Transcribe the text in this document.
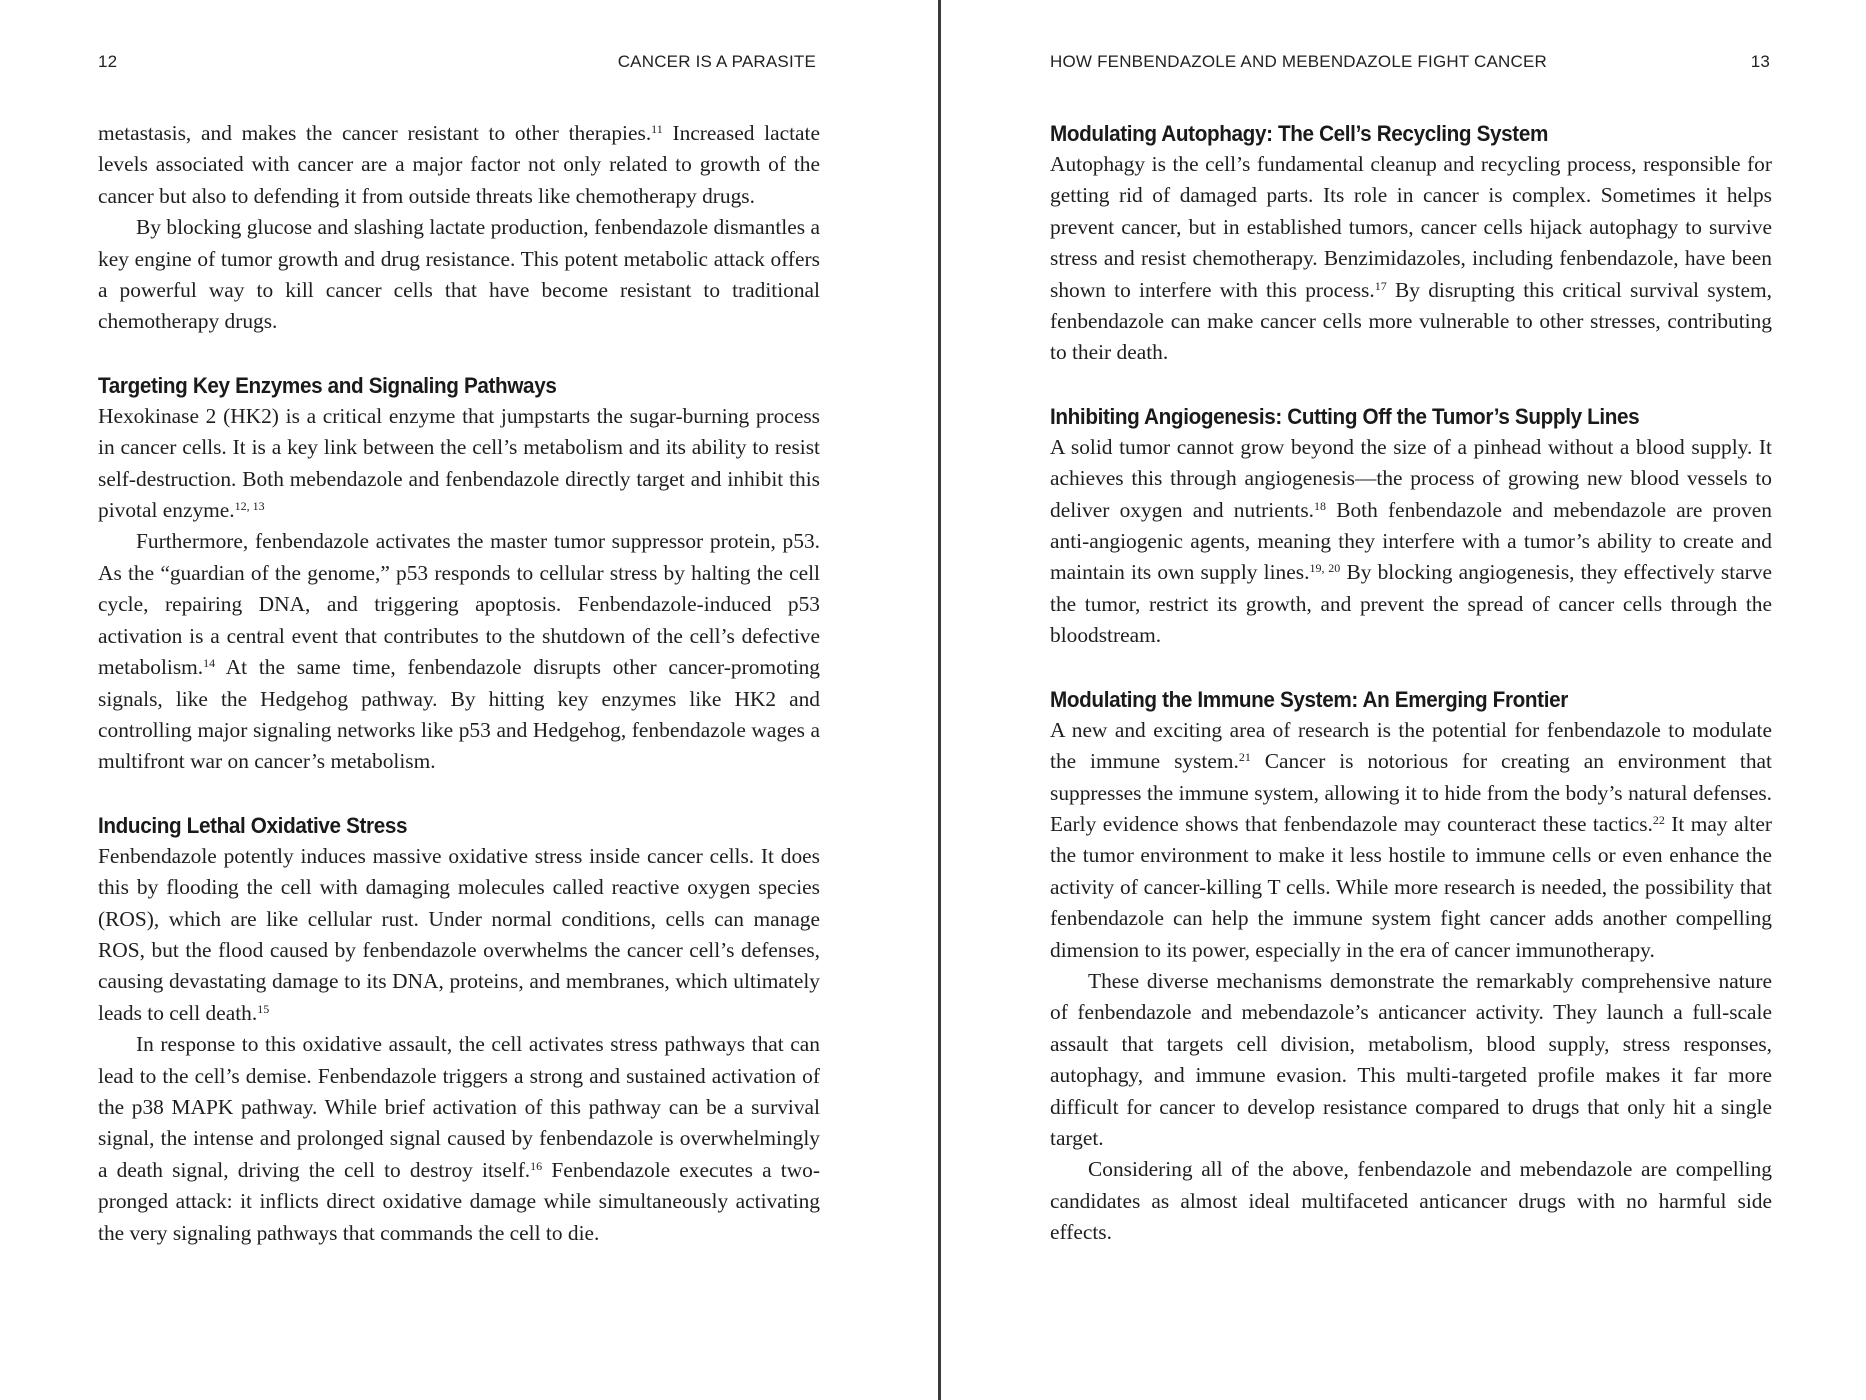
12	CANCER IS A PARASITE

metastasis, and makes the cancer resistant to other therapies.$^{11}$ Increased lactate levels associated with cancer are a major factor not only related to growth of the cancer but also to defending it from outside threats like chemotherapy drugs.

By blocking glucose and slashing lactate production, fenbendazole dismantles a key engine of tumor growth and drug resistance. This potent metabolic attack offers a powerful way to kill cancer cells that have become resistant to traditional chemotherapy drugs.

Targeting Key Enzymes and Signaling Pathways

Hexokinase 2 (HK2) is a critical enzyme that jumpstarts the sugar-burning process in cancer cells. It is a key link between the cell’s metabolism and its ability to resist self-destruction. Both mebendazole and fenbendazole directly target and inhibit this pivotal enzyme.$^{12, 13}$

Furthermore, fenbendazole activates the master tumor suppressor protein, p53. As the “guardian of the genome,” p53 responds to cellular stress by halting the cell cycle, repairing DNA, and triggering apoptosis. Fenbendazole-induced p53 activation is a central event that contributes to the shutdown of the cell’s defective metabolism.$^{14}$ At the same time, fenbendazole disrupts other cancer-promoting signals, like the Hedgehog pathway. By hitting key enzymes like HK2 and controlling major signaling networks like p53 and Hedgehog, fenbendazole wages a multifront war on cancer’s metabolism.

Inducing Lethal Oxidative Stress

Fenbendazole potently induces massive oxidative stress inside cancer cells. It does this by flooding the cell with damaging molecules called reactive oxygen species (ROS), which are like cellular rust. Under normal conditions, cells can manage ROS, but the flood caused by fenbendazole overwhelms the cancer cell’s defenses, causing devastating damage to its DNA, proteins, and membranes, which ultimately leads to cell death.$^{15}$

In response to this oxidative assault, the cell activates stress pathways that can lead to the cell’s demise. Fenbendazole triggers a strong and sustained activation of the p38 MAPK pathway. While brief activation of this pathway can be a survival signal, the intense and prolonged signal caused by fenbendazole is overwhelmingly a death signal, driving the cell to destroy itself.$^{16}$ Fenbendazole executes a two-pronged attack: it inflicts direct oxidative damage while simultaneously activating the very signaling pathways that commands the cell to die.

HOW FENBENDAZOLE AND MEBENDAZOLE FIGHT CANCER	13
Modulating Autophagy: The Cell’s Recycling System

Autophagy is the cell’s fundamental cleanup and recycling process, responsible for getting rid of damaged parts. Its role in cancer is complex. Sometimes it helps prevent cancer, but in established tumors, cancer cells hijack autophagy to survive stress and resist chemotherapy. Benzimidazoles, including fenbendazole, have been shown to interfere with this process.$^{17}$ By disrupting this critical survival system, fenbendazole can make cancer cells more vulnerable to other stresses, contributing to their death.

Inhibiting Angiogenesis: Cutting Off the Tumor’s Supply Lines

A solid tumor cannot grow beyond the size of a pinhead without a blood supply. It achieves this through angiogenesis—the process of growing new blood vessels to deliver oxygen and nutrients.$^{18}$ Both fenbendazole and mebendazole are proven anti-angiogenic agents, meaning they interfere with a tumor’s ability to create and maintain its own supply lines.$^{19, 20}$ By blocking angiogenesis, they effectively starve the tumor, restrict its growth, and prevent the spread of cancer cells through the bloodstream.

Modulating the Immune System: An Emerging Frontier

A new and exciting area of research is the potential for fenbendazole to modulate the immune system.$^{21}$ Cancer is notorious for creating an environment that suppresses the immune system, allowing it to hide from the body’s natural defenses. Early evidence shows that fenbendazole may counteract these tactics.$^{22}$ It may alter the tumor environment to make it less hostile to immune cells or even enhance the activity of cancer-killing T cells. While more research is needed, the possibility that fenbendazole can help the immune system fight cancer adds another compelling dimension to its power, especially in the era of cancer immunotherapy.

These diverse mechanisms demonstrate the remarkably comprehensive nature of fenbendazole and mebendazole’s anticancer activity. They launch a full-scale assault that targets cell division, metabolism, blood supply, stress responses, autophagy, and immune evasion. This multi-targeted profile makes it far more difficult for cancer to develop resistance compared to drugs that only hit a single target.

Considering all of the above, fenbendazole and mebendazole are compelling candidates as almost ideal multifaceted anticancer drugs with no harmful side effects.
